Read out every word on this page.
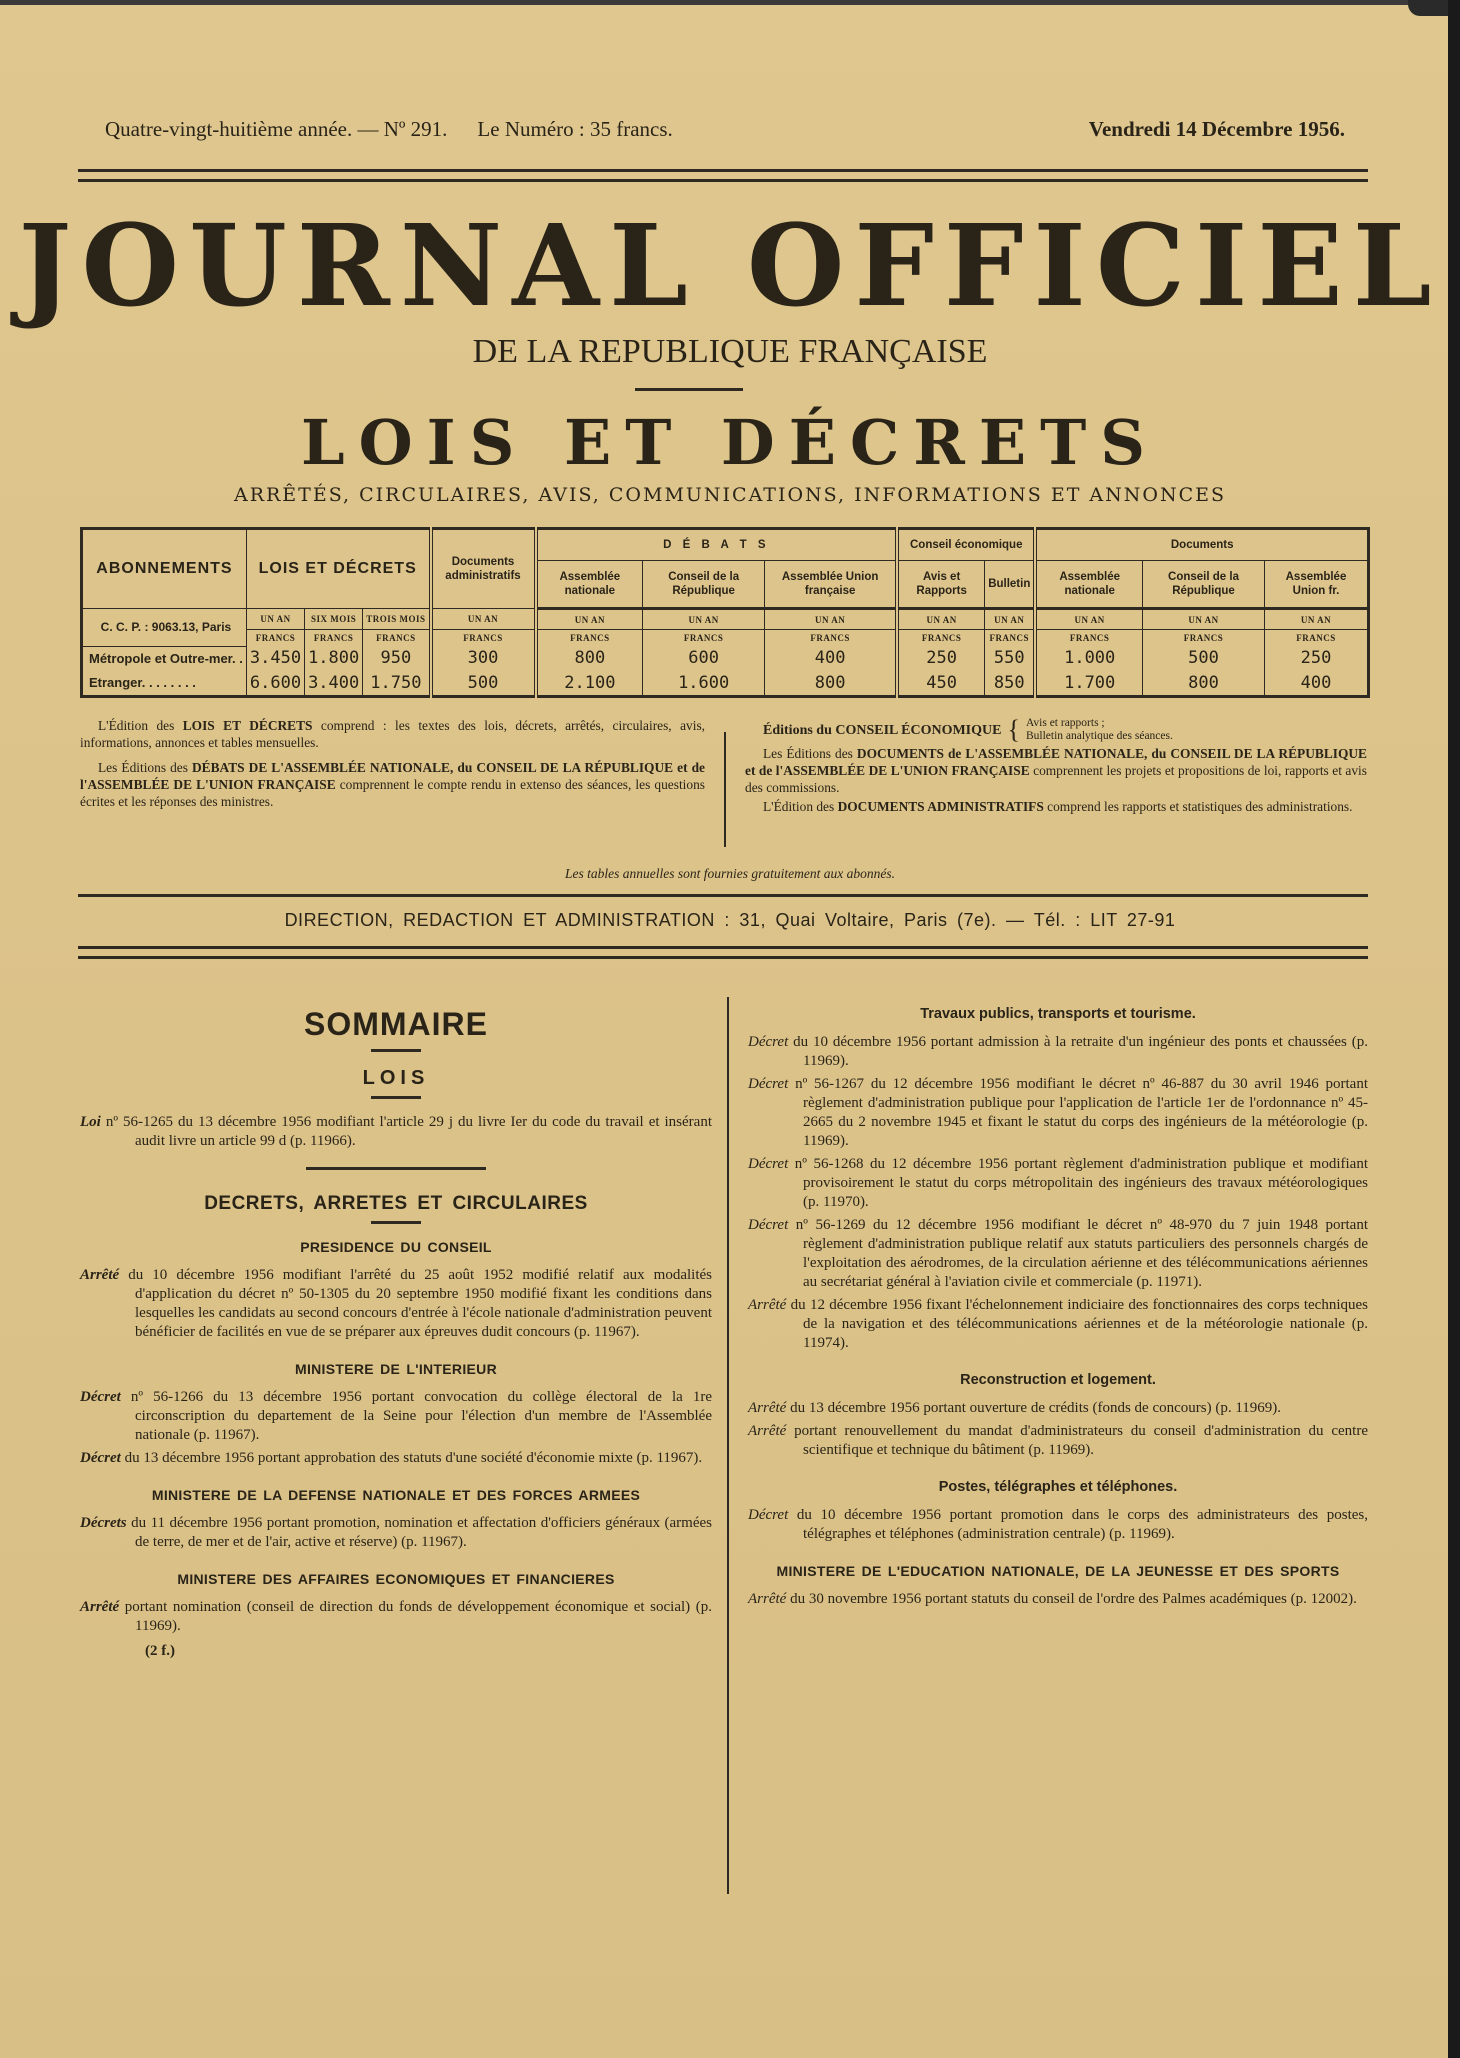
Quatre-vingt-huitième année. — Nº 291. Le Numéro : 35 francs.	Vendredi 14 Décembre 1956.
JOURNAL OFFICIEL
DE LA REPUBLIQUE FRANÇAISE
LOIS ET DÉCRETS
ARRÊTÉS, CIRCULAIRES, AVIS, COMMUNICATIONS, INFORMATIONS ET ANNONCES
ABONNEMENTS	LOIS ET DÉCRETS			Documents administratifs	D É B A T S			Conseil économique		Documents		
					Assemblée nationale	Conseil de la République	Assemblée Union française	Avis et Rapports	Bulletin	Assemblée nationale	Conseil de la République	Assemblée Union fr.
C. C. P. : 9063.13, Paris	UN AN	SIX MOIS	TROIS MOIS	UN AN	UN AN	UN AN	UN AN	UN AN	UN AN	UN AN	UN AN	UN AN
	FRANCS	FRANCS	FRANCS	FRANCS	FRANCS	FRANCS	FRANCS	FRANCS	FRANCS	FRANCS	FRANCS	FRANCS
Métropole et Outre-mer. .	3.450	1.800	950	300	800	600	400	250	550	1.000	500	250
Etranger. . . . . . . .	6.600	3.400	1.750	500	2.100	1.600	800	450	850	1.700	800	400

L'Édition des LOIS ET DÉCRETS comprend : les textes des lois, décrets, arrêtés, circulaires, avis, informations, annonces et tables mensuelles.

Les Éditions des DÉBATS DE L'ASSEMBLÉE NATIONALE, du CONSEIL DE LA RÉPUBLIQUE et de l'ASSEMBLÉE DE L'UNION FRANÇAISE comprennent le compte rendu in extenso des séances, les questions écrites et les réponses des ministres.

Éditions du CONSEIL ÉCONOMIQUE { Avis et rapports ;
Bulletin analytique des séances.

Les Éditions des DOCUMENTS de L'ASSEMBLÉE NATIONALE, du CONSEIL DE LA RÉPUBLIQUE et de l'ASSEMBLÉE DE L'UNION FRANÇAISE comprennent les projets et propositions de loi, rapports et avis des commissions.

L'Édition des DOCUMENTS ADMINISTRATIFS comprend les rapports et statistiques des administrations.

Les tables annuelles sont fournies gratuitement aux abonnés.
DIRECTION, REDACTION ET ADMINISTRATION : 31, Quai Voltaire, Paris (7e). — Tél. : LIT 27-91
SOMMAIRE
LOIS

Loi nº 56-1265 du 13 décembre 1956 modifiant l'article 29 j du livre Ier du code du travail et insérant audit livre un article 99 d (p. 11966).

DECRETS, ARRETES ET CIRCULAIRES
PRESIDENCE DU CONSEIL

Arrêté du 10 décembre 1956 modifiant l'arrêté du 25 août 1952 modifié relatif aux modalités d'application du décret nº 50-1305 du 20 septembre 1950 modifié fixant les conditions dans lesquelles les candidats au second concours d'entrée à l'école nationale d'administration peuvent bénéficier de facilités en vue de se préparer aux épreuves dudit concours (p. 11967).

MINISTERE DE L'INTERIEUR

Décret nº 56-1266 du 13 décembre 1956 portant convocation du collège électoral de la 1re circonscription du departement de la Seine pour l'élection d'un membre de l'Assemblée nationale (p. 11967).

Décret du 13 décembre 1956 portant approbation des statuts d'une société d'économie mixte (p. 11967).

MINISTERE DE LA DEFENSE NATIONALE ET DES FORCES ARMEES

Décrets du 11 décembre 1956 portant promotion, nomination et affectation d'officiers généraux (armées de terre, de mer et de l'air, active et réserve) (p. 11967).

MINISTERE DES AFFAIRES ECONOMIQUES ET FINANCIERES

Arrêté portant nomination (conseil de direction du fonds de développement économique et social) (p. 11969).

(2 f.)
Travaux publics, transports et tourisme.

Décret du 10 décembre 1956 portant admission à la retraite d'un ingénieur des ponts et chaussées (p. 11969).

Décret nº 56-1267 du 12 décembre 1956 modifiant le décret nº 46-887 du 30 avril 1946 portant règlement d'administration publique pour l'application de l'article 1er de l'ordonnance nº 45-2665 du 2 novembre 1945 et fixant le statut du corps des ingénieurs de la météorologie (p. 11969).

Décret nº 56-1268 du 12 décembre 1956 portant règlement d'administration publique et modifiant provisoirement le statut du corps métropolitain des ingénieurs des travaux météorologiques (p. 11970).

Décret nº 56-1269 du 12 décembre 1956 modifiant le décret nº 48-970 du 7 juin 1948 portant règlement d'administration publique relatif aux statuts particuliers des personnels chargés de l'exploitation des aérodromes, de la circulation aérienne et des télécommunications aériennes au secrétariat général à l'aviation civile et commerciale (p. 11971).

Arrêté du 12 décembre 1956 fixant l'échelonnement indiciaire des fonctionnaires des corps techniques de la navigation et des télécommunications aériennes et de la météorologie nationale (p. 11974).

Reconstruction et logement.

Arrêté du 13 décembre 1956 portant ouverture de crédits (fonds de concours) (p. 11969).

Arrêté portant renouvellement du mandat d'administrateurs du conseil d'administration du centre scientifique et technique du bâtiment (p. 11969).

Postes, télégraphes et téléphones.

Décret du 10 décembre 1956 portant promotion dans le corps des administrateurs des postes, télégraphes et téléphones (administration centrale) (p. 11969).

MINISTERE DE L'EDUCATION NATIONALE, DE LA JEUNESSE ET DES SPORTS

Arrêté du 30 novembre 1956 portant statuts du conseil de l'ordre des Palmes académiques (p. 12002).
